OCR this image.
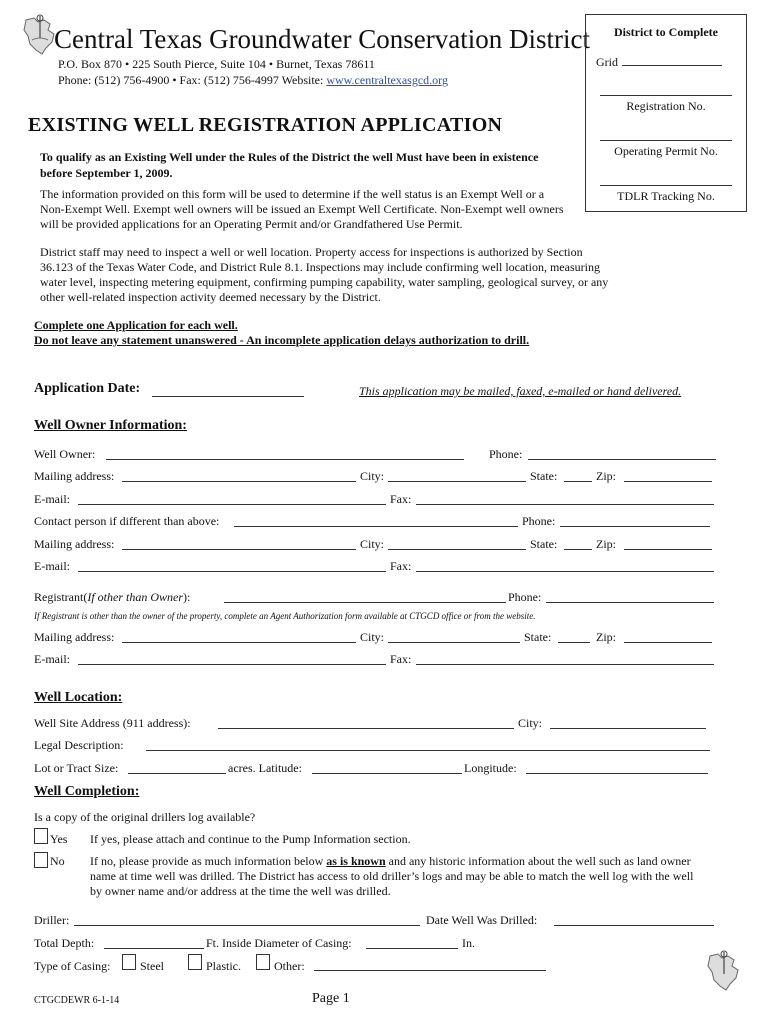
Central Texas Groundwater Conservation District
P.O. Box 870 • 225 South Pierce, Suite 104 • Burnet, Texas 78611
Phone: (512) 756-4900 • Fax: (512) 756-4997 Website: www.centraltexasgcd.org
District to Complete
Grid
Registration No.
Operating Permit No.
TDLR Tracking No.
EXISTING WELL REGISTRATION APPLICATION
To qualify as an Existing Well under the Rules of the District the well Must have been in existence before September 1, 2009.
The information provided on this form will be used to determine if the well status is an Exempt Well or a Non-Exempt Well. Exempt well owners will be issued an Exempt Well Certificate. Non-Exempt well owners will be provided applications for an Operating Permit and/or Grandfathered Use Permit.
District staff may need to inspect a well or well location. Property access for inspections is authorized by Section 36.123 of the Texas Water Code, and District Rule 8.1. Inspections may include confirming well location, measuring water level, inspecting metering equipment, confirming pumping capability, water sampling, geological survey, or any other well-related inspection activity deemed necessary by the District.
Complete one Application for each well.
Do not leave any statement unanswered - An incomplete application delays authorization to drill.
Application Date:	This application may be mailed, faxed, e-mailed or hand delivered.
Well Owner Information:
Well Owner:	Phone:
Mailing address:	City:	State:	Zip:
E-mail:	Fax:
Contact person if different than above:	Phone:
Mailing address:	City:	State:	Zip:
E-mail:	Fax:
Registrant(If other than Owner):	Phone:
If Registrant is other than the owner of the property, complete an Agent Authorization form available at CTGCD office or from the website.
Mailing address:	City:	State:	Zip:
E-mail:	Fax:
Well Location:
Well Site Address (911 address):	City:
Legal Description:
Lot or Tract Size:	acres. Latitude:	Longitude:
Well Completion:
Is a copy of the original drillers log available?
Yes If yes, please attach and continue to the Pump Information section.
No If no, please provide as much information below as is known and any historic information about the well such as land owner name at time well was drilled. The District has access to old driller’s logs and may be able to match the well log with the well by owner name and/or address at the time the well was drilled.
Driller:	Date Well Was Drilled:
Total Depth:	Ft. Inside Diameter of Casing:	In.
Type of Casing: Steel	Plastic.	Other:
CTGCDEWR 6-1-14	Page 1
